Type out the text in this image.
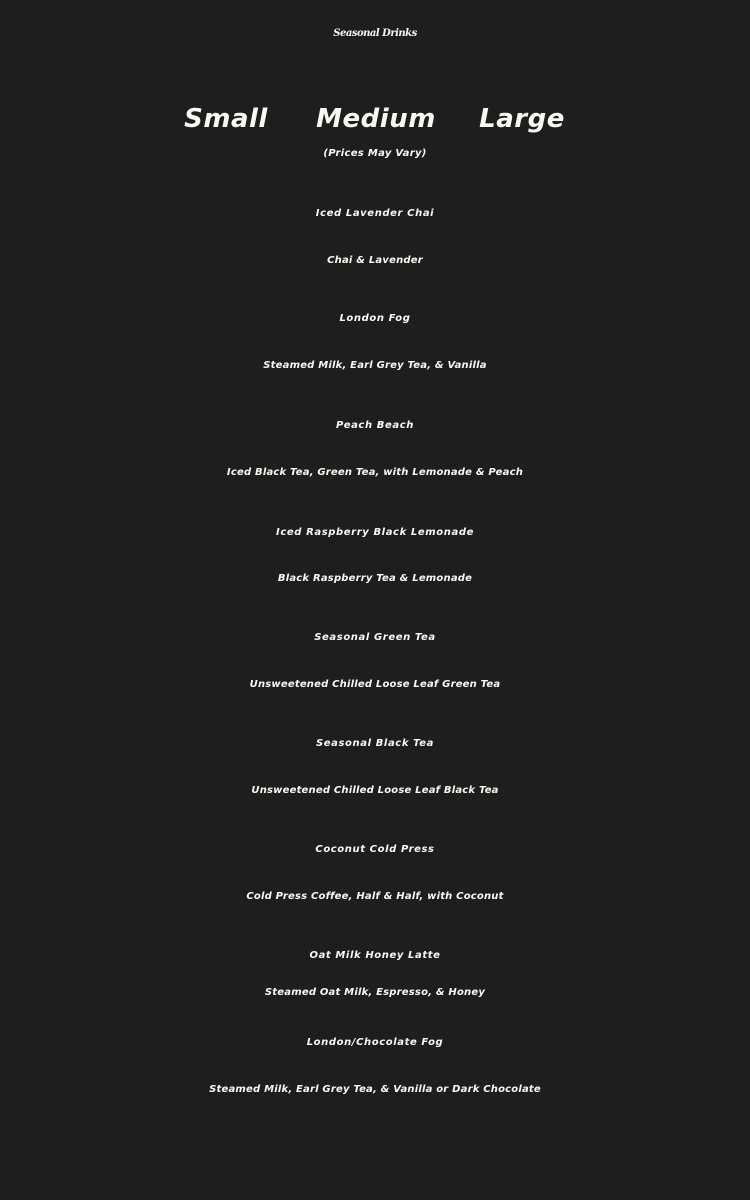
Seasonal Drinks
Small Medium Large
(Prices May Vary)
Iced Lavender Chai
Chai & Lavender
London Fog
Steamed Milk, Earl Grey Tea, & Vanilla
Peach Beach
Iced Black Tea, Green Tea, with Lemonade & Peach
Iced Raspberry Black Lemonade
Black Raspberry Tea & Lemonade
Seasonal Green Tea
Unsweetened Chilled Loose Leaf Green Tea
Seasonal Black Tea
Unsweetened Chilled Loose Leaf Black Tea
Coconut Cold Press
Cold Press Coffee, Half & Half, with Coconut
Oat Milk Honey Latte
Steamed Oat Milk, Espresso, & Honey
London/Chocolate Fog
Steamed Milk, Earl Grey Tea, & Vanilla or Dark Chocolate
